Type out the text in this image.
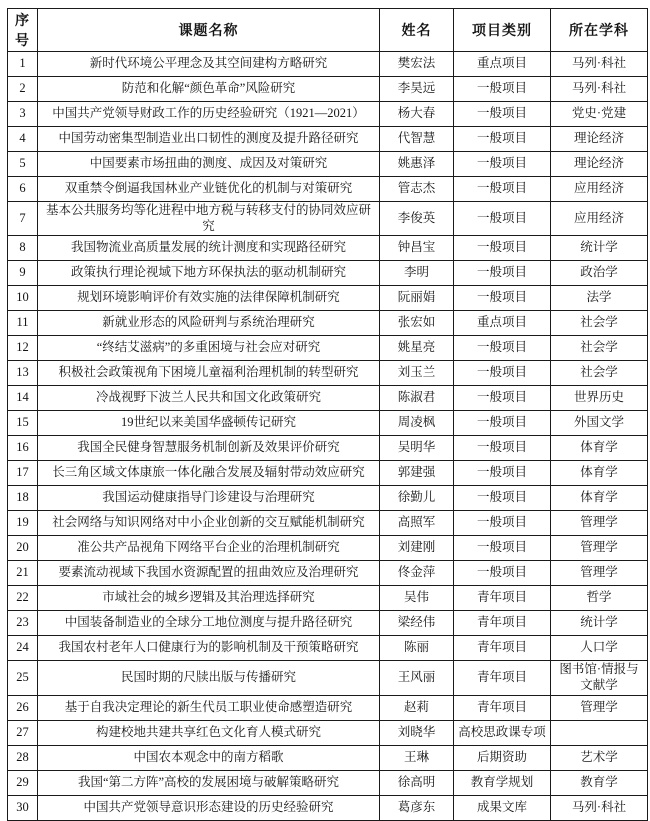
序号	课题名称	姓名	项目类别	所在学科
1	新时代环境公平理念及其空间建构方略研究	樊宏法	重点项目	马列·科社
2	防范和化解“颜色革命”风险研究	李昊远	一般项目	马列·科社
3	中国共产党领导财政工作的历史经验研究（1921—2021）	杨大春	一般项目	党史·党建
4	中国劳动密集型制造业出口韧性的测度及提升路径研究	代智慧	一般项目	理论经济
5	中国要素市场扭曲的测度、成因及对策研究	姚惠泽	一般项目	理论经济
6	双重禁令倒逼我国林业产业链优化的机制与对策研究	管志杰	一般项目	应用经济
7	基本公共服务均等化进程中地方税与转移支付的协同效应研究	李俊英	一般项目	应用经济
8	我国物流业高质量发展的统计测度和实现路径研究	钟昌宝	一般项目	统计学
9	政策执行理论视域下地方环保执法的驱动机制研究	李明	一般项目	政治学
10	规划环境影响评价有效实施的法律保障机制研究	阮丽娟	一般项目	法学
11	新就业形态的风险研判与系统治理研究	张宏如	重点项目	社会学
12	“终结艾滋病”的多重困境与社会应对研究	姚星亮	一般项目	社会学
13	积极社会政策视角下困境儿童福利治理机制的转型研究	刘玉兰	一般项目	社会学
14	冷战视野下波兰人民共和国文化政策研究	陈淑君	一般项目	世界历史
15	19世纪以来美国华盛顿传记研究	周凌枫	一般项目	外国文学
16	我国全民健身智慧服务机制创新及效果评价研究	吴明华	一般项目	体育学
17	长三角区域文体康旅一体化融合发展及辐射带动效应研究	郭建强	一般项目	体育学
18	我国运动健康指导门诊建设与治理研究	徐勤儿	一般项目	体育学
19	社会网络与知识网络对中小企业创新的交互赋能机制研究	高照军	一般项目	管理学
20	准公共产品视角下网络平台企业的治理机制研究	刘建刚	一般项目	管理学
21	要素流动视域下我国水资源配置的扭曲效应及治理研究	佟金萍	一般项目	管理学
22	市域社会的城乡逻辑及其治理选择研究	吴伟	青年项目	哲学
23	中国装备制造业的全球分工地位测度与提升路径研究	梁经伟	青年项目	统计学
24	我国农村老年人口健康行为的影响机制及干预策略研究	陈丽	青年项目	人口学
25	民国时期的尺牍出版与传播研究	王风丽	青年项目	图书馆·情报与文献学
26	基于自我决定理论的新生代员工职业使命感塑造研究	赵莉	青年项目	管理学
27	构建校地共建共享红色文化育人模式研究	刘晓华	高校思政课专项	
28	中国农本观念中的南方稻歌	王琳	后期资助	艺术学
29	我国“第二方阵”高校的发展困境与破解策略研究	徐高明	教育学规划	教育学
30	中国共产党领导意识形态建设的历史经验研究	葛彦东	成果文库	马列·科社
